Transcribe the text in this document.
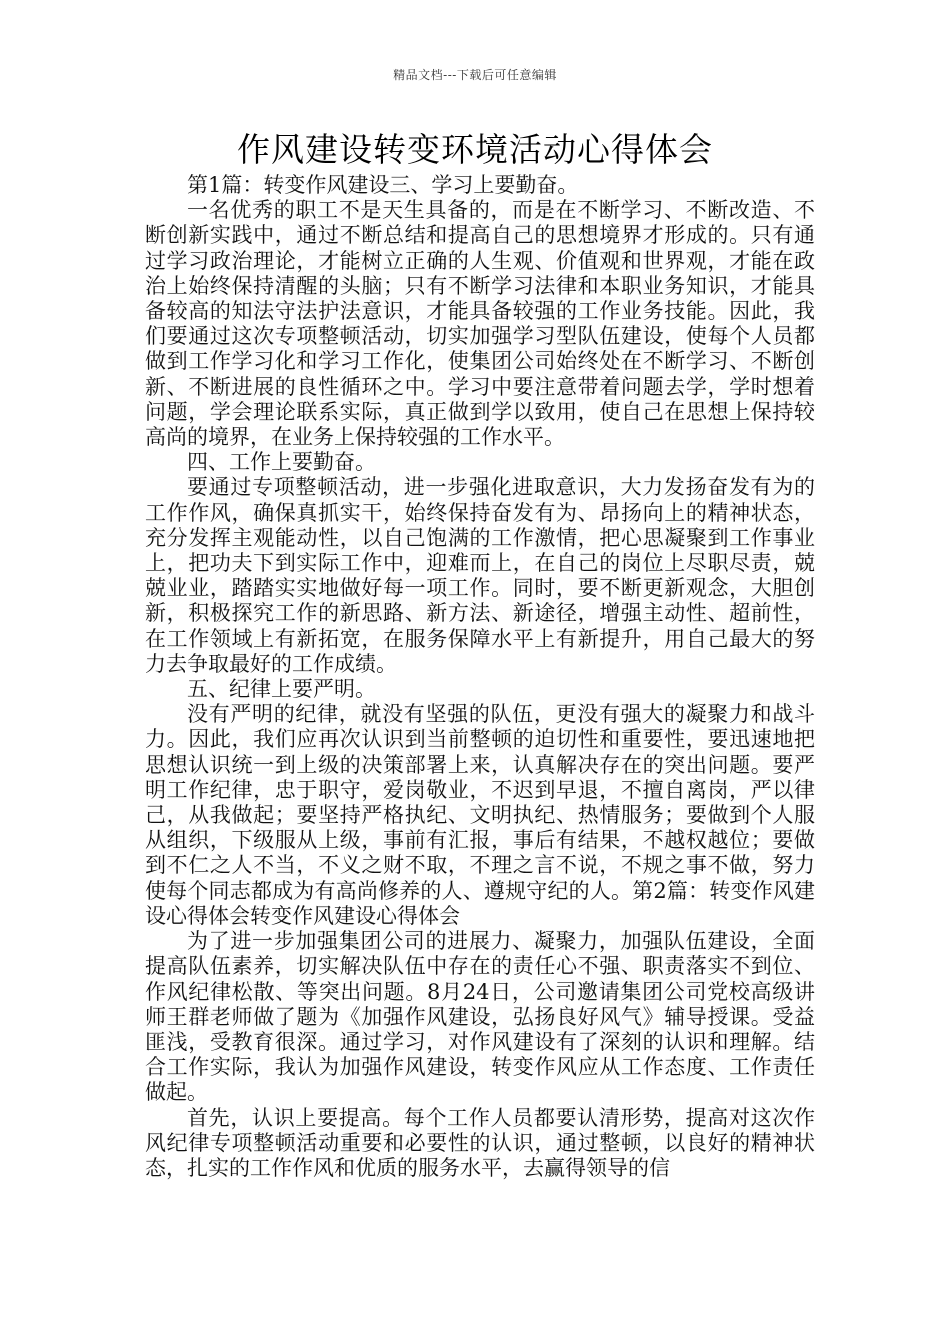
精品文档---下载后可任意编辑
作风建设转变环境活动心得体会

第1篇：转变作风建设三、学习上要勤奋。

一名优秀的职工不是天生具备的，而是在不断学习、不断改造、不断创新实践中，通过不断总结和提高自己的思想境界才形成的。只有通过学习政治理论，才能树立正确的人生观、价值观和世界观，才能在政治上始终保持清醒的头脑；只有不断学习法律和本职业务知识，才能具备较高的知法守法护法意识，才能具备较强的工作业务技能。因此，我们要通过这次专项整顿活动，切实加强学习型队伍建设，使每个人员都做到工作学习化和学习工作化，使集团公司始终处在不断学习、不断创新、不断进展的良性循环之中。学习中要注意带着问题去学，学时想着问题，学会理论联系实际，真正做到学以致用，使自己在思想上保持较高尚的境界，在业务上保持较强的工作水平。

四、工作上要勤奋。

要通过专项整顿活动，进一步强化进取意识，大力发扬奋发有为的工作作风，确保真抓实干，始终保持奋发有为、昂扬向上的精神状态，充分发挥主观能动性，以自己饱满的工作激情，把心思凝聚到工作事业上，把功夫下到实际工作中，迎难而上，在自己的岗位上尽职尽责，兢兢业业，踏踏实实地做好每一项工作。同时，要不断更新观念，大胆创新，积极探究工作的新思路、新方法、新途径，增强主动性、超前性，在工作领域上有新拓宽，在服务保障水平上有新提升，用自己最大的努力去争取最好的工作成绩。

五、纪律上要严明。

没有严明的纪律，就没有坚强的队伍，更没有强大的凝聚力和战斗力。因此，我们应再次认识到当前整顿的迫切性和重要性，要迅速地把思想认识统一到上级的决策部署上来，认真解决存在的突出问题。要严明工作纪律，忠于职守，爱岗敬业，不迟到早退，不擅自离岗，严以律己，从我做起；要坚持严格执纪、文明执纪、热情服务；要做到个人服从组织，下级服从上级，事前有汇报，事后有结果，不越权越位；要做到不仁之人不当，不义之财不取，不理之言不说，不规之事不做，努力使每个同志都成为有高尚修养的人、遵规守纪的人。第2篇：转变作风建设心得体会转变作风建设心得体会

为了进一步加强集团公司的进展力、凝聚力，加强队伍建设，全面提高队伍素养，切实解决队伍中存在的责任心不强、职责落实不到位、作风纪律松散、等突出问题。8月24日，公司邀请集团公司党校高级讲师王群老师做了题为《加强作风建设，弘扬良好风气》辅导授课。受益匪浅，受教育很深。通过学习，对作风建设有了深刻的认识和理解。结合工作实际，我认为加强作风建设，转变作风应从工作态度、工作责任做起。

首先，认识上要提高。每个工作人员都要认清形势，提高对这次作风纪律专项整顿活动重要和必要性的认识，通过整顿，以良好的精神状态，扎实的工作作风和优质的服务水平，去赢得领导的信
